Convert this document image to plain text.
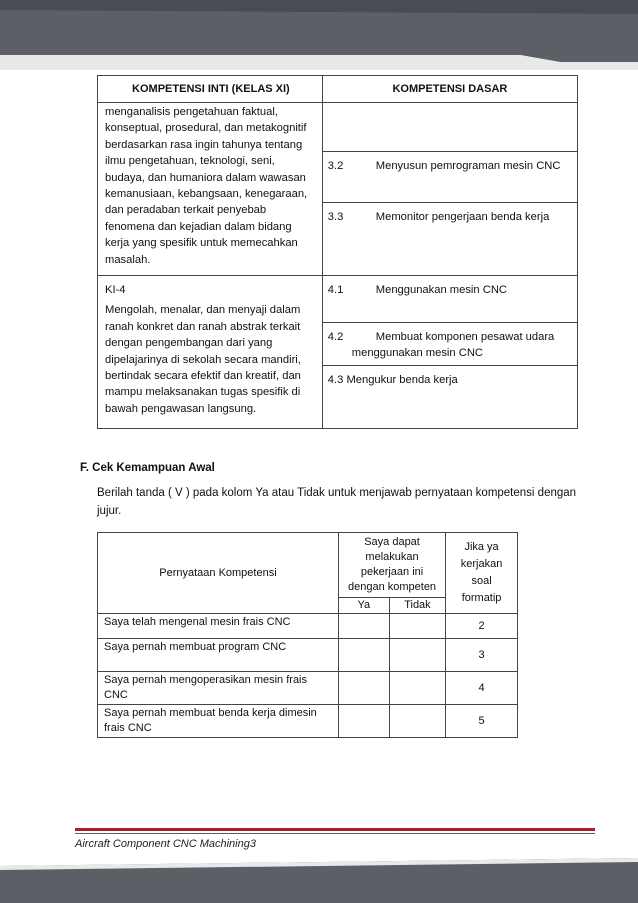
KOMPETENSI INTI (KELAS XI)	KOMPETENSI DASAR
menganalisis pengetahuan faktual, konseptual, prosedural, dan metakognitif berdasarkan rasa ingin tahunya tentang ilmu pengetahuan, teknologi, seni, budaya, dan humaniora dalam wawasan kemanusiaan, kebangsaan, kenegaraan, dan peradaban terkait penyebab fenomena dan kejadian dalam bidang kerja yang spesifik untuk memecahkan masalah.	
	3.2 Menyusun pemrograman mesin CNC
	3.3 Memonitor pengerjaan benda kerja

KI-4
Mengolah, menalar, dan menyaji dalam ranah konkret dan ranah abstrak terkait dengan pengembangan dari yang dipelajarinya di sekolah secara mandiri, bertindak secara efektif dan kreatif, dan mampu melaksanakan tugas spesifik di bawah pengawasan langsung.	4.1 Menggunakan mesin CNC
	4.2 Membuat komponen pesawat udara
menggunakan mesin CNC
	4.3 Mengukur benda kerja
F. Cek Kemampuan Awal
Berilah tanda ( V ) pada kolom Ya atau Tidak untuk menjawab pernyataan kompetensi dengan jujur.
Pernyataan Kompetensi	Saya dapat melakukan pekerjaan ini dengan kompeten		Jika ya kerjakan soal formatip
	Ya	Tidak	
Saya telah mengenal mesin frais CNC			2
Saya pernah membuat program CNC			3
Saya pernah mengoperasikan mesin frais CNC			4
Saya pernah membuat benda kerja dimesin frais CNC			5
Aircraft Component CNC Machining3
